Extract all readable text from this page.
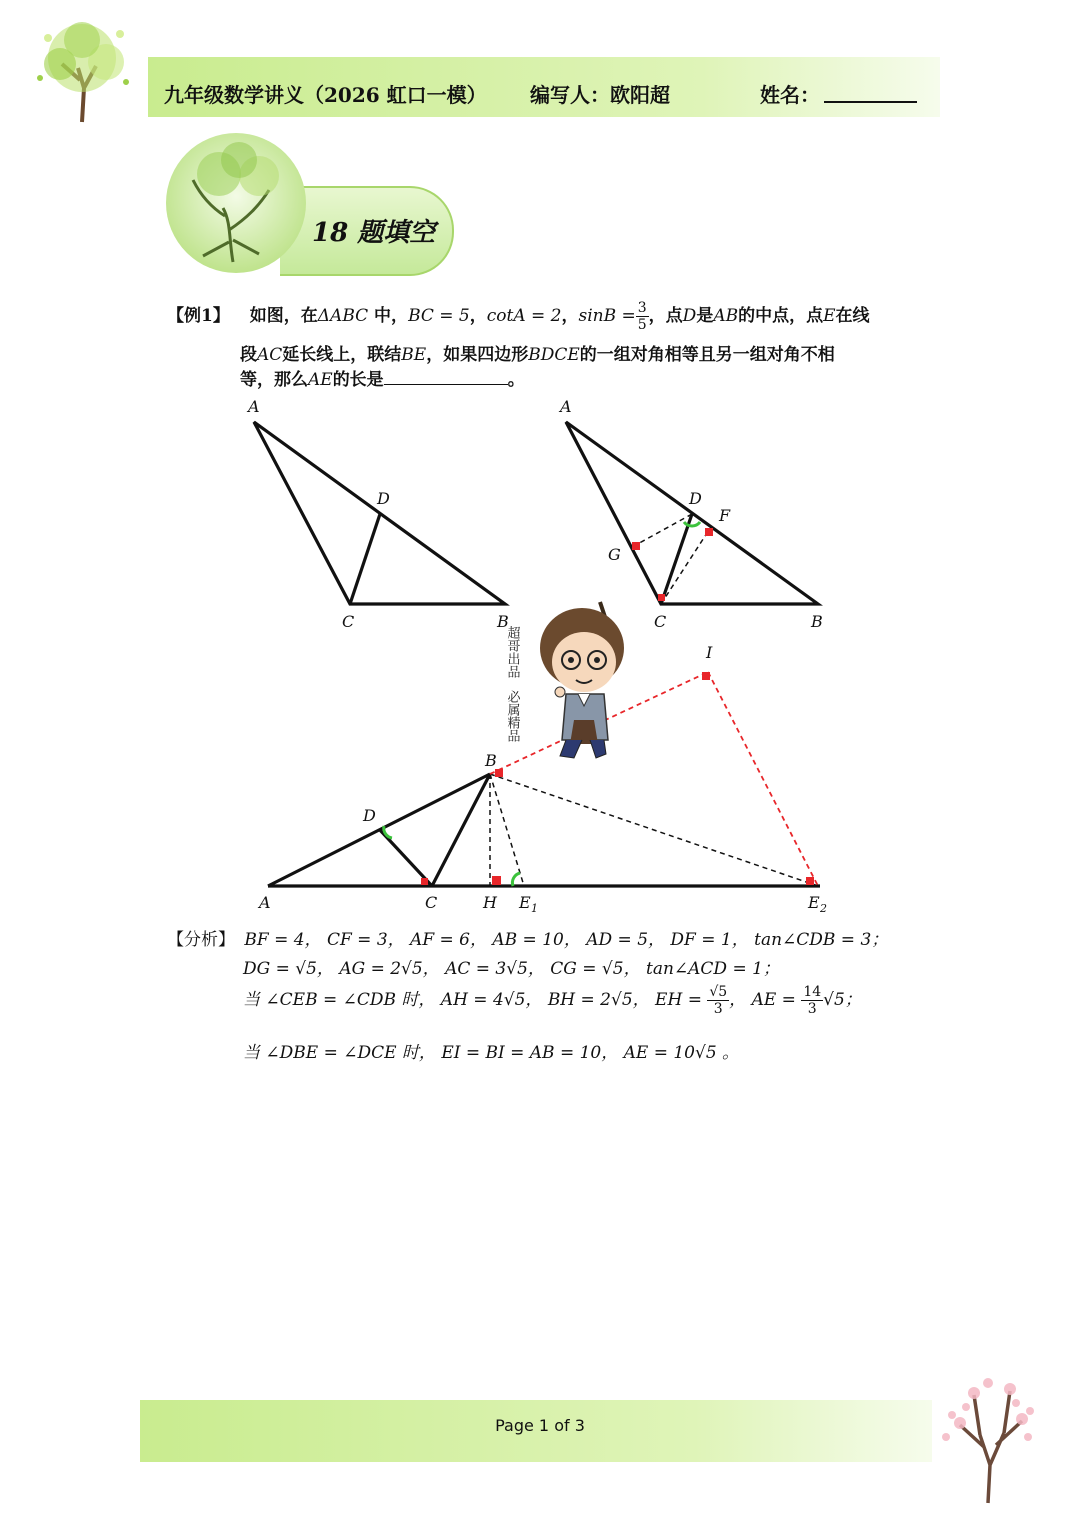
九年级数学讲义（2026 虹口一模） 编写人：欧阳超	姓名：
18 题填空
【例1】 如图，在ΔABC 中，BC = 5，cotA = 2，$\sin B = \frac{3}{5}$ ，点D是AB的中点，点E在线
段AC延长线上，联结BE，如果四边形BDCE的一组对角相等且另一组对角不相
等，那么AE的长是	。
A
D
C	B
A
D
F
G
C	B
I
B
D
A	C	H E 1	E 2
超哥出品
必属精品
【分析】 BF = 4， CF = 3， AF = 6， AB = 10， AD = 5， DF = 1， tan∠CDB = 3；
DG = √5， AG = 2√5， AC = 3√5， CG = √5， tan∠ACD = 1；
当 ∠CEB = ∠CDB 时， AH = 4√5， BH = 2√5， EH = $\frac{√5}{3}$ ， AE = $\frac{14}{3} √5$；
当 ∠DBE = ∠DCE 时， EI = BI = AB = 10， AE = 10√5 。
Page 1 of 3
